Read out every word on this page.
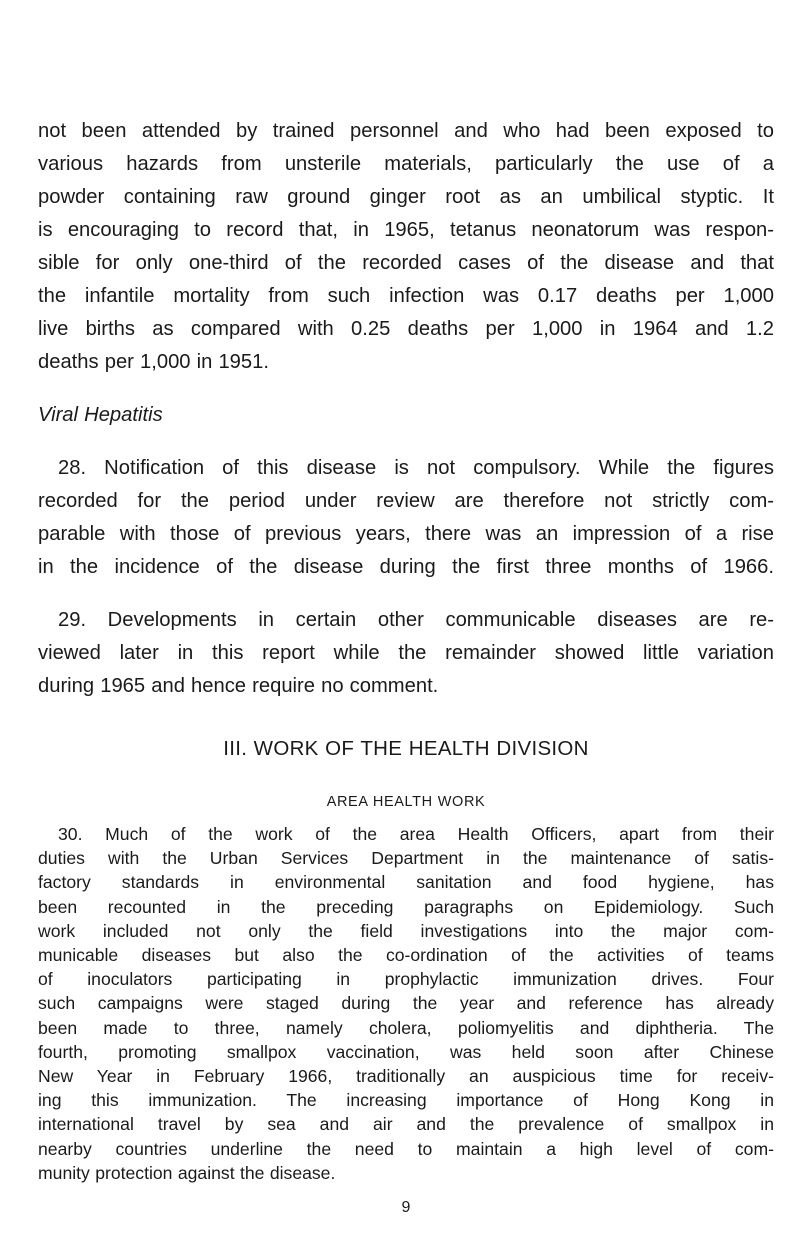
not been attended by trained personnel and who had been exposed to
various hazards from unsterile materials, particularly the use of a
powder containing raw ground ginger root as an umbilical styptic. It
is encouraging to record that, in 1965, tetanus neonatorum was respon-
sible for only one-third of the recorded cases of the disease and that
the infantile mortality from such infection was 0.17 deaths per 1,000
live births as compared with 0.25 deaths per 1,000 in 1964 and 1.2
deaths per 1,000 in 1951.
Viral Hepatitis
28. Notification of this disease is not compulsory. While the figures
recorded for the period under review are therefore not strictly com-
parable with those of previous years, there was an impression of a rise
in the incidence of the disease during the first three months of 1966.
29. Developments in certain other communicable diseases are re-
viewed later in this report while the remainder showed little variation
during 1965 and hence require no comment.
III. WORK OF THE HEALTH DIVISION
AREA HEALTH WORK
30. Much of the work of the area Health Officers, apart from their
duties with the Urban Services Department in the maintenance of satis-
factory standards in environmental sanitation and food hygiene, has
been recounted in the preceding paragraphs on Epidemiology. Such
work included not only the field investigations into the major com-
municable diseases but also the co-ordination of the activities of teams
of inoculators participating in prophylactic immunization drives. Four
such campaigns were staged during the year and reference has already
been made to three, namely cholera, poliomyelitis and diphtheria. The
fourth, promoting smallpox vaccination, was held soon after Chinese
New Year in February 1966, traditionally an auspicious time for receiv-
ing this immunization. The increasing importance of Hong Kong in
international travel by sea and air and the prevalence of smallpox in
nearby countries underline the need to maintain a high level of com-
munity protection against the disease.
9
